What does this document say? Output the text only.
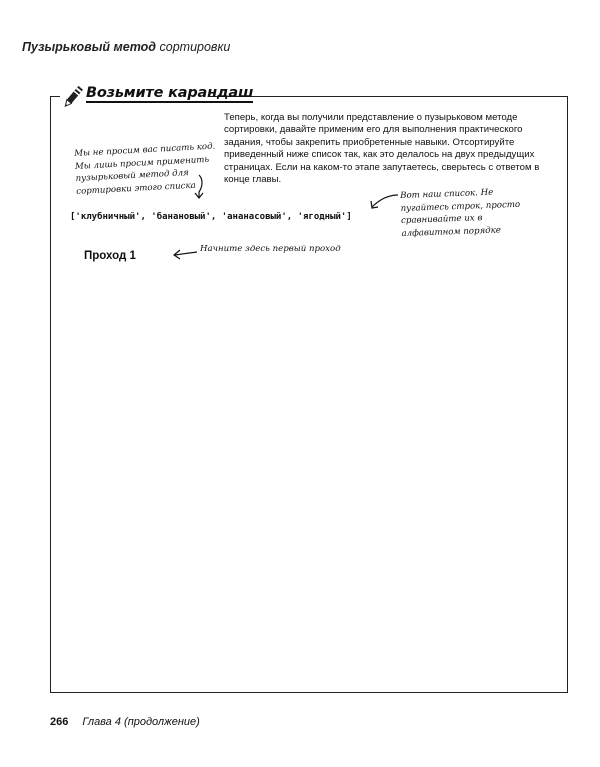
Пузырьковый метод сортировки
Возьмите карандаш
Теперь, когда вы получили представление о пузырьковом методе сортировки, давайте применим его для выполнения практического задания, чтобы закрепить приобретенные навыки. Отсортируйте приведенный ниже список так, как это делалось на двух предыдущих страницах. Если на каком-то этапе запутаетесь, сверьтесь с ответом в конце главы.
Мы не просим вас писать код. Мы лишь просим применить пузырьковый метод для сортировки этого списка	Вот наш список. Не пугайтесь строк, просто сравнивайте их в алфавитном порядке
['клубничный', 'банановый', 'ананасовый', 'ягодный']
Проход 1
Начните здесь первый проход
266 Глава 4 (продолжение)
